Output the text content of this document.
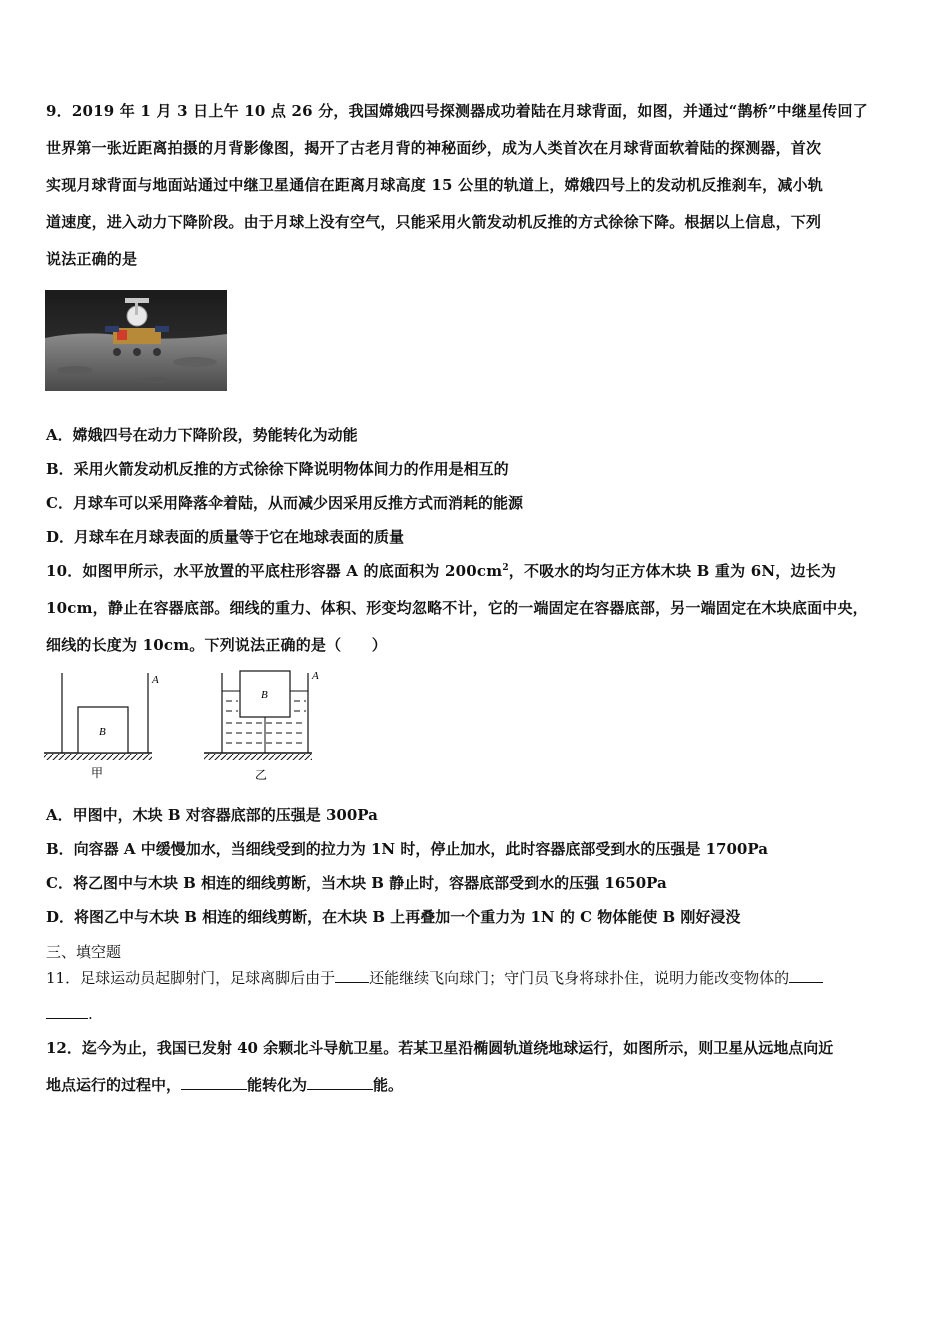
9．2019 年 1 月 3 日上午 10 点 26 分，我国嫦娥四号探测器成功着陆在月球背面，如图，并通过“鹊桥”中继星传回了
世界第一张近距离拍摄的月背影像图，揭开了古老月背的神秘面纱，成为人类首次在月球背面软着陆的探测器，首次
实现月球背面与地面站通过中继卫星通信在距离月球高度 15 公里的轨道上，嫦娥四号上的发动机反推刹车，减小轨
道速度，进入动力下降阶段。由于月球上没有空气，只能采用火箭发动机反推的方式徐徐下降。根据以上信息，下列
说法正确的是
A．嫦娥四号在动力下降阶段，势能转化为动能
B．采用火箭发动机反推的方式徐徐下降说明物体间力的作用是相互的
C．月球车可以采用降落伞着陆，从而减少因采用反推方式而消耗的能源
D．月球车在月球表面的质量等于它在地球表面的质量
10．如图甲所示，水平放置的平底柱形容器 A 的底面积为 $200cm^2$，不吸水的均匀正方体木块 B 重为 6N，边长为
10cm，静止在容器底部。细线的重力、体积、形变均忽略不计，它的一端固定在容器底部，另一端固定在木块底面中央，
细线的长度为 10cm。下列说法正确的是（　　）
A
B
甲
A
B
乙
A．甲图中，木块 B 对容器底部的压强是 300Pa
B．向容器 A 中缓慢加水，当细线受到的拉力为 1N 时，停止加水，此时容器底部受到水的压强是 1700Pa
C．将乙图中与木块 B 相连的细线剪断，当木块 B 静止时，容器底部受到水的压强 1650Pa
D．将图乙中与木块 B 相连的细线剪断，在木块 B 上再叠加一个重力为 1N 的 C 物体能使 B 刚好浸没
三、填空题
11．足球运动员起脚射门，足球离脚后由于 还能继续飞向球门；守门员飞身将球扑住，说明力能改变物体的
.
12．迄今为止，我国已发射 40 余颗北斗导航卫星。若某卫星沿椭圆轨道绕地球运行，如图所示，则卫星从远地点向近
地点运行的过程中，	能转化为	能。
